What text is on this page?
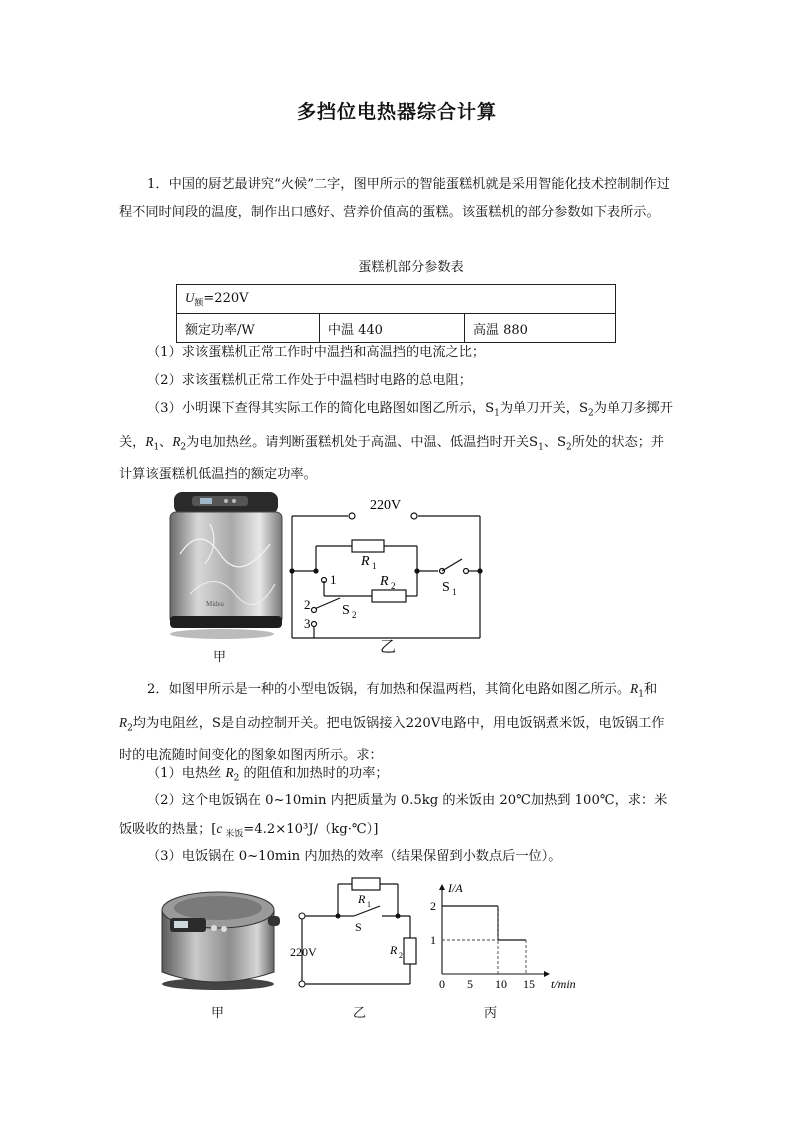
多挡位电热器综合计算

1．中国的厨艺最讲究“火候”二字，图甲所示的智能蛋糕机就是采用智能化技术控制制作过程不同时间段的温度，制作出口感好、营养价值高的蛋糕。该蛋糕机的部分参数如下表所示。

蛋糕机部分参数表
$U_额=220V$
额定功率/W	中温 440	高温 880

（1）求该蛋糕机正常工作时中温挡和高温挡的电流之比；

（2）求该蛋糕机正常工作处于中温档时电路的总电阻；

（3）小明课下查得其实际工作的简化电路图如图乙所示，$S_1$为单刀开关，$S_2$为单刀多掷开关，$R_1$、$R_2$为电加热丝。请判断蛋糕机处于高温、中温、低温挡时开关$S_1$、$S_2$所处的状态；并计算该蛋糕机低温挡的额定功率。

Midea
甲
220V
R 1
R 2	S 1
S 2
1
2
3
乙

2．如图甲所示是一种的小型电饭锅，有加热和保温两档，其简化电路如图乙所示。$R_1$和 $R_2$均为电阻丝，S是自动控制开关。把电饭锅接入220V电路中，用电饭锅煮米饭，电饭锅工作时的电流随时间变化的图象如图丙所示。求：

（1）电热丝 $R_2$ 的阻值和加热时的功率；

（2）这个电饭锅在 0~10min 内把质量为 0.5kg 的米饭由 20℃加热到 100℃，求：米饭吸收的热量；[c $_{米饭}$=4.2×10³J/（kg·℃）]

（3）电饭锅在 0~10min 内加热的效率（结果保留到小数点后一位）。

甲
R 1
S
R 2
220V
乙
I/A
t/min
0 5 10 15
1
2
丙
